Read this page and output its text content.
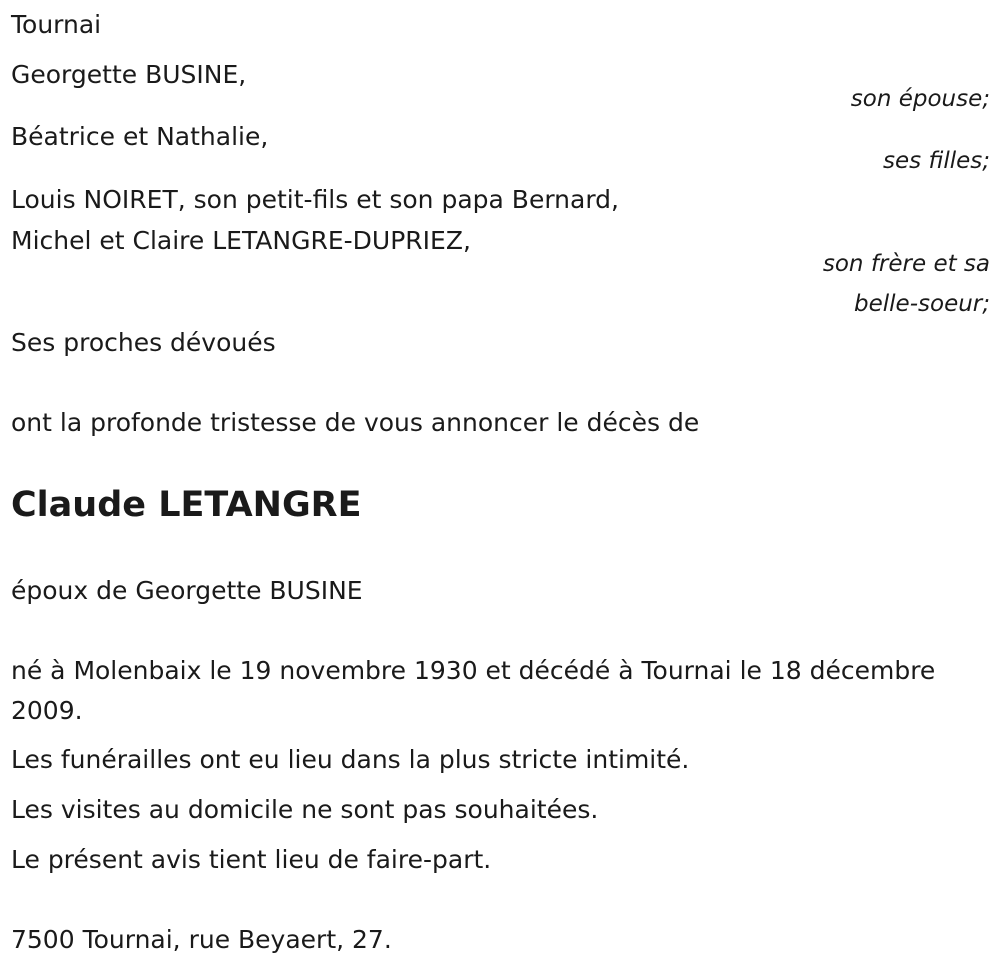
Tournai
Georgette BUSINE,
son épouse;
Béatrice et Nathalie,
ses filles;
Louis NOIRET, son petit-fils et son papa Bernard,
Michel et Claire LETANGRE-DUPRIEZ,
son frère et sa
belle-soeur;
Ses proches dévoués
ont la profonde tristesse de vous annoncer le décès de
Claude LETANGRE
époux de Georgette BUSINE
né à Molenbaix le 19 novembre 1930 et décédé à Tournai le 18 décembre
2009.
Les funérailles ont eu lieu dans la plus stricte intimité.
Les visites au domicile ne sont pas souhaitées.
Le présent avis tient lieu de faire-part.
7500 Tournai, rue Beyaert, 27.
